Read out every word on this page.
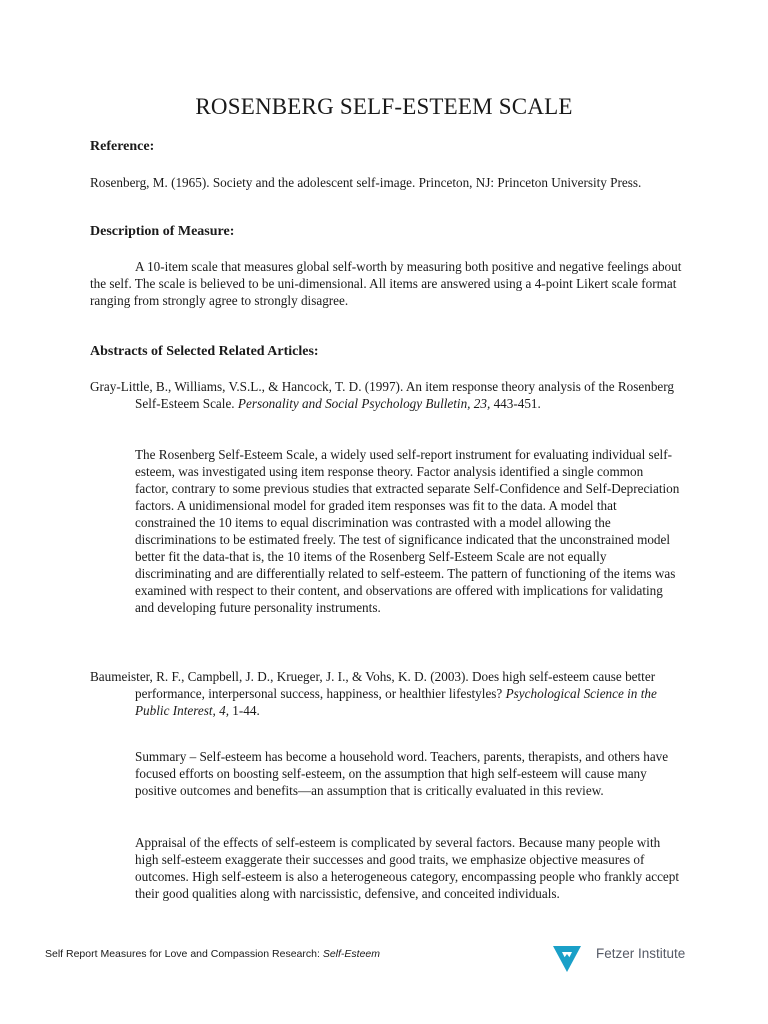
ROSENBERG SELF-ESTEEM SCALE

Reference:

Rosenberg, M. (1965). Society and the adolescent self-image. Princeton, NJ: Princeton University Press.

Description of Measure:

A 10-item scale that measures global self-worth by measuring both positive and negative feelings about the self. The scale is believed to be uni-dimensional. All items are answered using a 4-point Likert scale format ranging from strongly agree to strongly disagree.

Abstracts of Selected Related Articles:

Gray-Little, B., Williams, V.S.L., & Hancock, T. D. (1997). An item response theory analysis of the Rosenberg Self-Esteem Scale. Personality and Social Psychology Bulletin, 23, 443-451.

The Rosenberg Self-Esteem Scale, a widely used self-report instrument for evaluating individual self-esteem, was investigated using item response theory. Factor analysis identified a single common factor, contrary to some previous studies that extracted separate Self-Confidence and Self-Depreciation factors. A unidimensional model for graded item responses was fit to the data. A model that constrained the 10 items to equal discrimination was contrasted with a model allowing the discriminations to be estimated freely. The test of significance indicated that the unconstrained model better fit the data-that is, the 10 items of the Rosenberg Self-Esteem Scale are not equally discriminating and are differentially related to self-esteem. The pattern of functioning of the items was examined with respect to their content, and observations are offered with implications for validating and developing future personality instruments.

Baumeister, R. F., Campbell, J. D., Krueger, J. I., & Vohs, K. D. (2003). Does high self-esteem cause better performance, interpersonal success, happiness, or healthier lifestyles? Psychological Science in the Public Interest, 4, 1-44.

Summary – Self-esteem has become a household word. Teachers, parents, therapists, and others have focused efforts on boosting self-esteem, on the assumption that high self-esteem will cause many positive outcomes and benefits—an assumption that is critically evaluated in this review.

Appraisal of the effects of self-esteem is complicated by several factors. Because many people with high self-esteem exaggerate their successes and good traits, we emphasize objective measures of outcomes. High self-esteem is also a heterogeneous category, encompassing people who frankly accept their good qualities along with narcissistic, defensive, and conceited individuals.

Self Report Measures for Love and Compassion Research: Self-Esteem	Fetzer Institute
